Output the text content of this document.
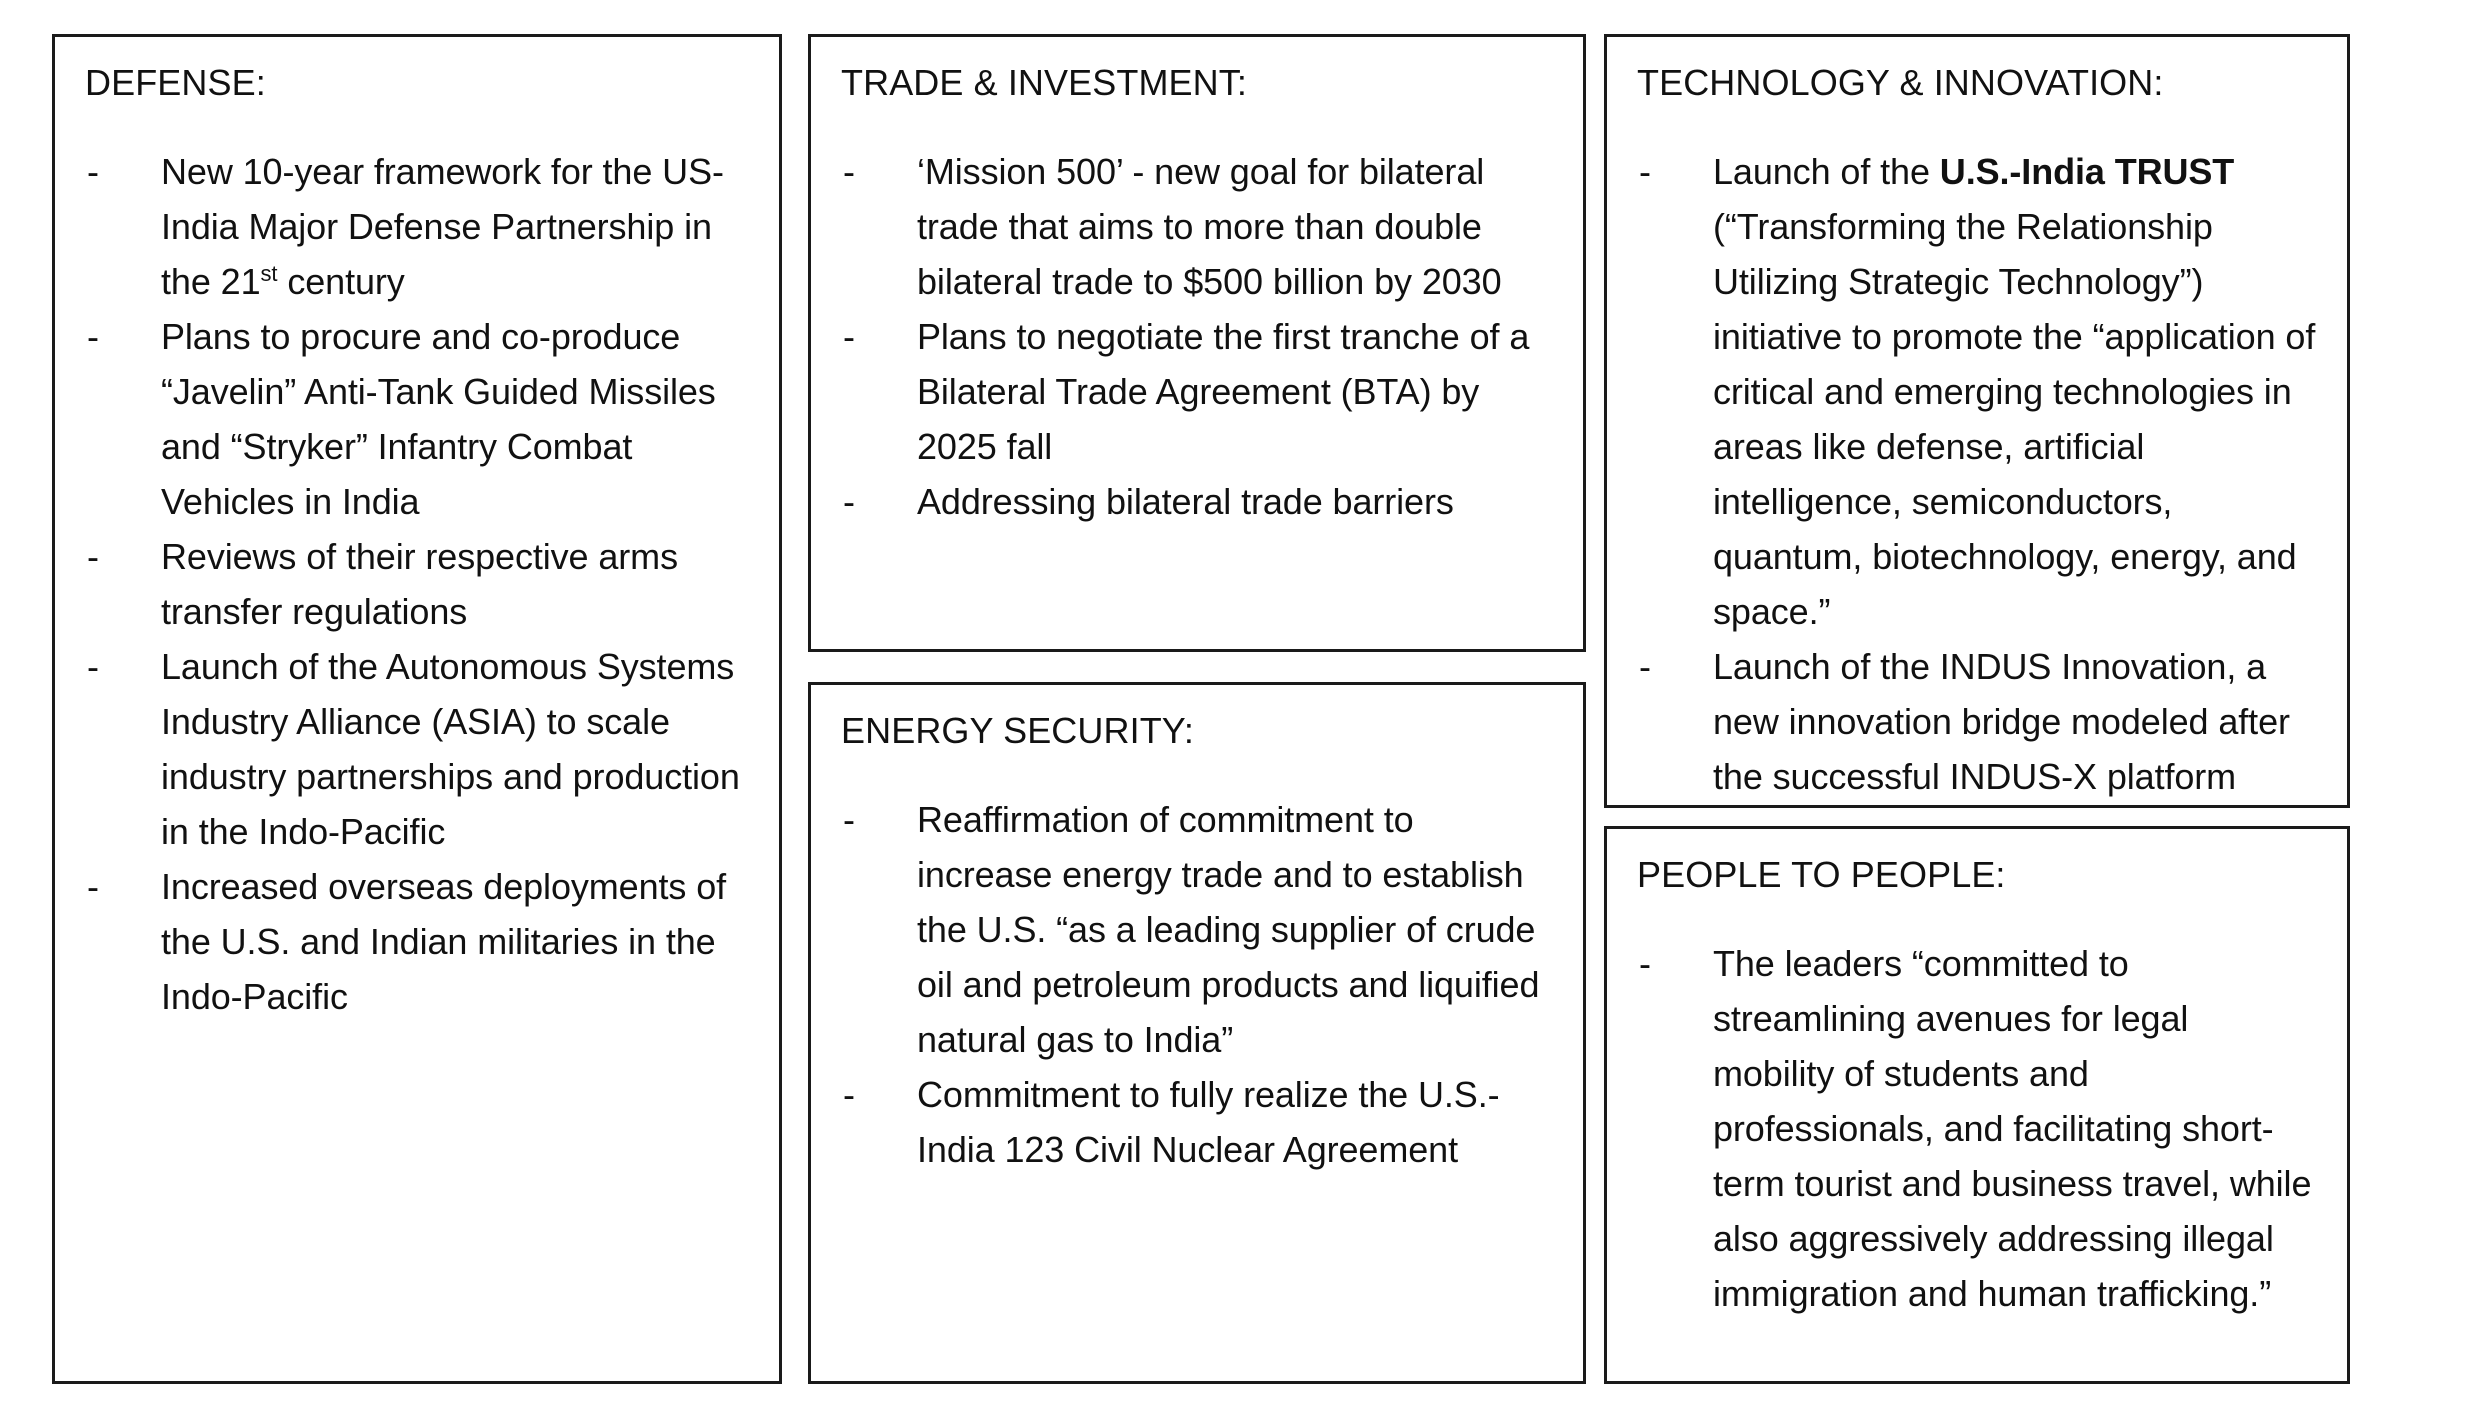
DEFENSE:
-	New 10-year framework for the US-India Major Defense Partnership in the 21st century
-	Plans to procure and co-produce “Javelin” Anti-Tank Guided Missiles and “Stryker” Infantry Combat Vehicles in India
-	Reviews of their respective arms transfer regulations
-	Launch of the Autonomous Systems Industry Alliance (ASIA) to scale industry partnerships and production in the Indo-Pacific
-	Increased overseas deployments of the U.S. and Indian militaries in the Indo-Pacific
TRADE & INVESTMENT:
-	‘Mission 500’ - new goal for bilateral trade that aims to more than double bilateral trade to $500 billion by 2030
-	Plans to negotiate the first tranche of a Bilateral Trade Agreement (BTA) by 2025 fall
-	Addressing bilateral trade barriers
ENERGY SECURITY:
-	Reaffirmation of commitment to increase energy trade and to establish the U.S. “as a leading supplier of crude oil and petroleum products and liquified natural gas to India”
-	Commitment to fully realize the U.S.-India 123 Civil Nuclear Agreement
TECHNOLOGY & INNOVATION:
-	Launch of the U.S.-India TRUST (“Transforming the Relationship Utilizing Strategic Technology”) initiative to promote the “application of critical and emerging technologies in areas like defense, artificial intelligence, semiconductors, quantum, biotechnology, energy, and space.”
-	Launch of the INDUS Innovation, a new innovation bridge modeled after the successful INDUS-X platform
PEOPLE TO PEOPLE:
-	The leaders “committed to streamlining avenues for legal mobility of students and professionals, and facilitating short-term tourist and business travel, while also aggressively addressing illegal immigration and human trafficking.”
